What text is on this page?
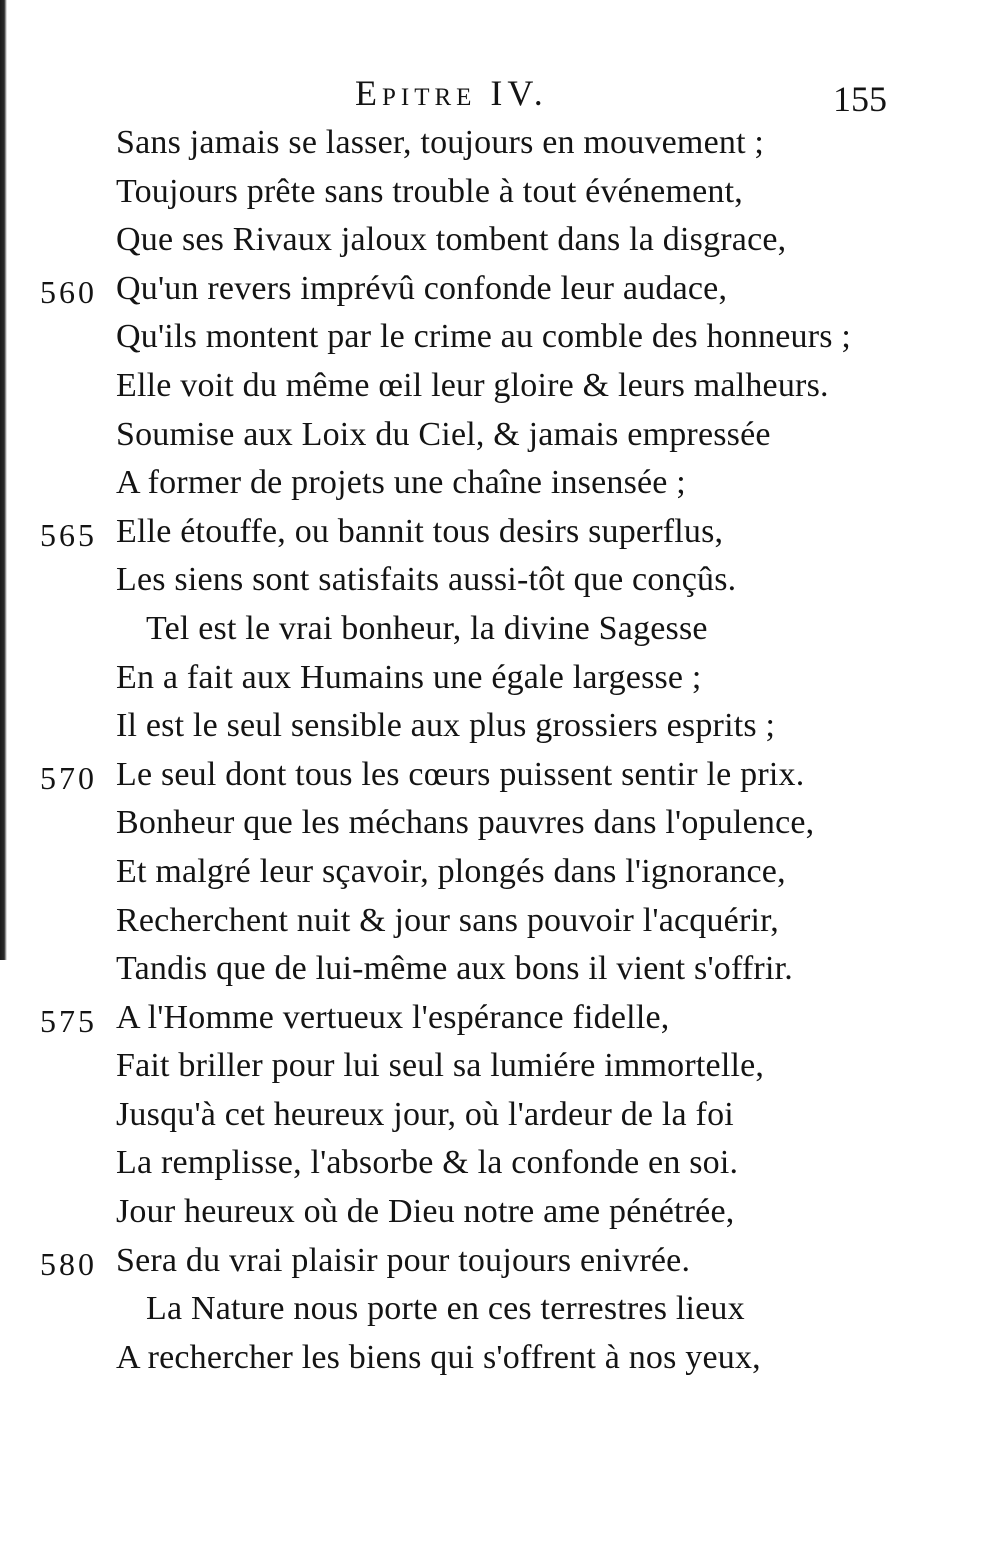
Epitre IV.	155
Sans jamais se lasser, toujours en mouvement ;
Toujours prête sans trouble à tout événement,
Que ses Rivaux jaloux tombent dans la disgrace,
560 Qu'un revers imprévû confonde leur audace,
Qu'ils montent par le crime au comble des honneurs ;
Elle voit du même œil leur gloire & leurs malheurs.
Soumise aux Loix du Ciel, & jamais empressée
A former de projets une chaîne insensée ;
565 Elle étouffe, ou bannit tous desirs superflus,
Les siens sont satisfaits aussi-tôt que conçûs.
Tel est le vrai bonheur, la divine Sagesse
En a fait aux Humains une égale largesse ;
Il est le seul sensible aux plus grossiers esprits ;
570 Le seul dont tous les cœurs puissent sentir le prix.
Bonheur que les méchans pauvres dans l'opulence,
Et malgré leur sçavoir, plongés dans l'ignorance,
Recherchent nuit & jour sans pouvoir l'acquérir,
Tandis que de lui-même aux bons il vient s'offrir.
575 A l'Homme vertueux l'espérance fidelle,
Fait briller pour lui seul sa lumiére immortelle,
Jusqu'à cet heureux jour, où l'ardeur de la foi
La remplisse, l'absorbe & la confonde en soi.
Jour heureux où de Dieu notre ame pénétrée,
580 Sera du vrai plaisir pour toujours enivrée.
La Nature nous porte en ces terrestres lieux
A rechercher les biens qui s'offrent à nos yeux,
